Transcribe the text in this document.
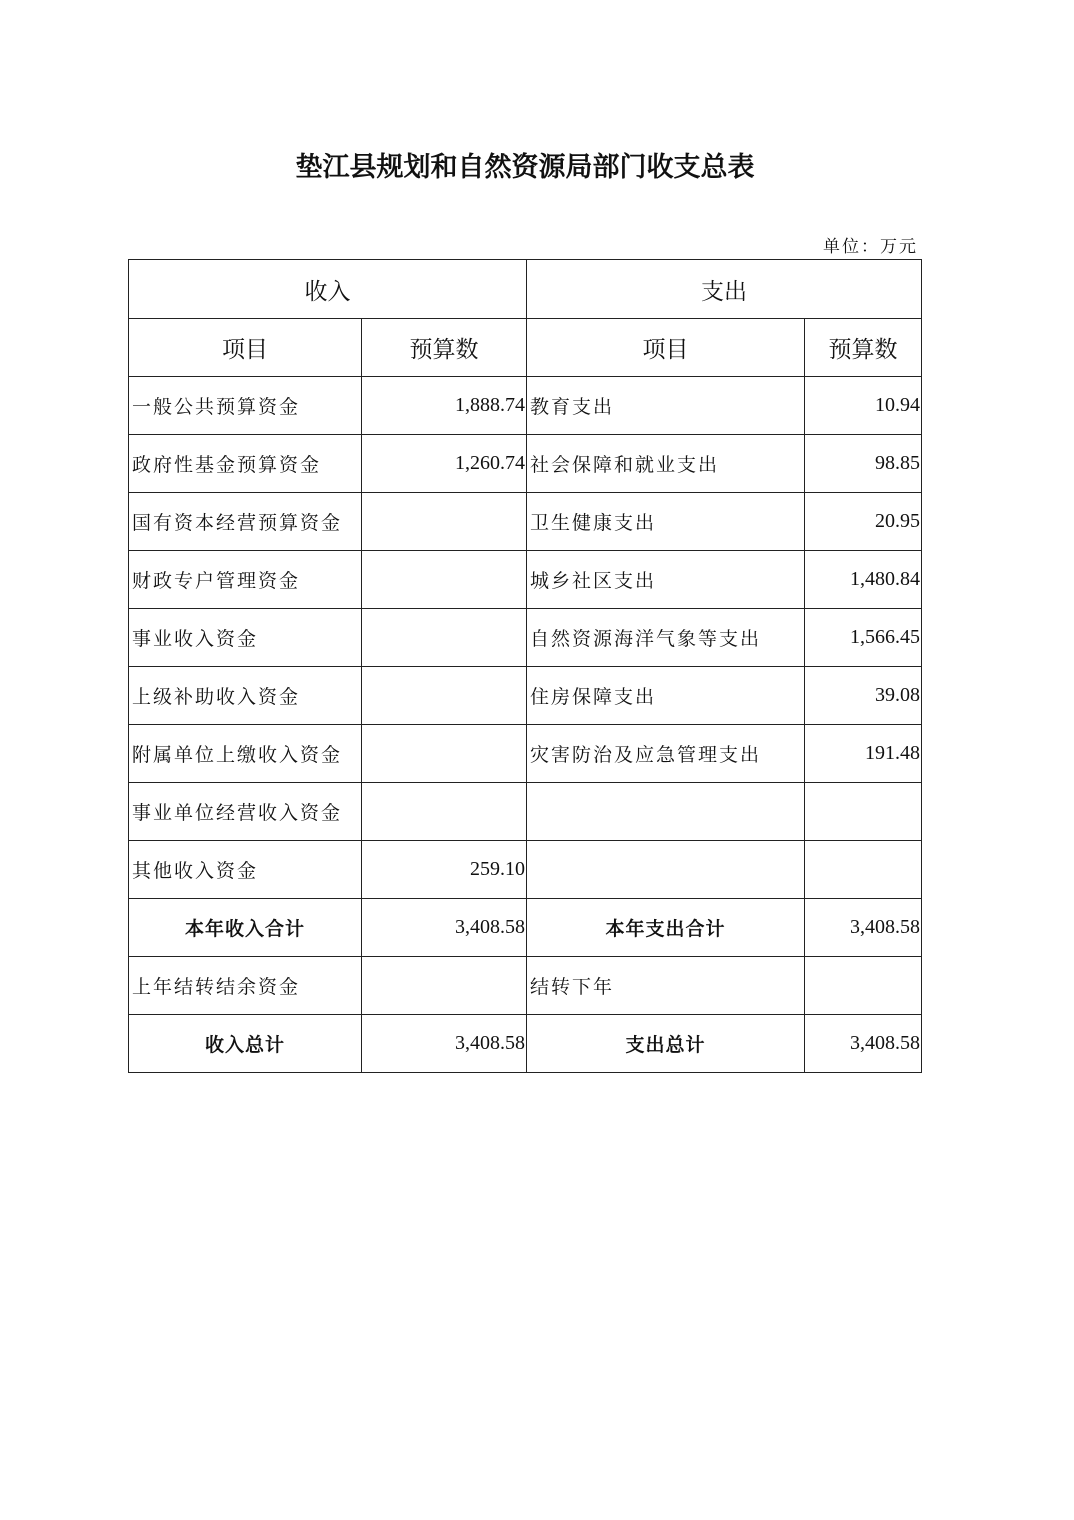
垫江县规划和自然资源局部门收支总表
单位：万元
收入		支出	
项目	预算数	项目	预算数
一般公共预算资金	1,888.74	教育支出	10.94
政府性基金预算资金	1,260.74	社会保障和就业支出	98.85
国有资本经营预算资金		卫生健康支出	20.95
财政专户管理资金		城乡社区支出	1,480.84
事业收入资金		自然资源海洋气象等支出	1,566.45
上级补助收入资金		住房保障支出	39.08
附属单位上缴收入资金		灾害防治及应急管理支出	191.48
事业单位经营收入资金			
其他收入资金	259.10		
本年收入合计	3,408.58	本年支出合计	3,408.58
上年结转结余资金		结转下年	
收入总计	3,408.58	支出总计	3,408.58
